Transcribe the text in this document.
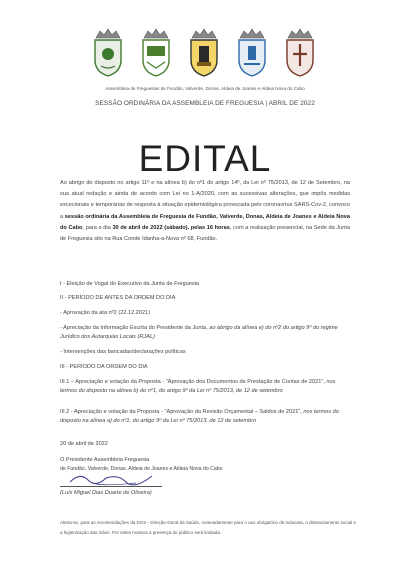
Assembleia de Freguesias de Fundão, Valverde, Donas, Aldeia de Joanes e Aldeia Nova do Cabo
SESSÃO ORDINÁRIA DA ASSEMBLEIA DE FREGUESIA | ABRIL DE 2022
EDITAL
Ao abrigo do disposto no artigo 11º e na alínea b) do nº1 do artigo 14º, da Lei nº 75/2013, de 12 de Setembro, na sua atual redação e ainda de acordo com Lei no 1-A/2020, com as sucessivas alterações, que impôs medidas excecionais e temporárias de resposta à situação epidemiológica provocada pelo coronavírus SARS-Cov-2, convoco a sessão ordinária da Assembleia de Freguesia de Fundão, Valverde, Donas, Aldeia de Joanes e Aldeia Nova do Cabo, para o dia 30 de abril de 2022 (sábado), pelas 16 horas, com a realização presencial, na Sede da Junta de Freguesia sito na Rua Conde Idanha-a-Nova nº 68, Fundão.
I - Eleição de Vogal do Executivo da Junta de Freguesia
II - PERÍODO DE ANTES DA ORDEM DO DIA
- Aprovação da ata nº2 (22.12.2021)
- Apreciação da Informação Escrita do Presidente da Junta, ao abrigo da alínea e) do nº2 do artigo 9º do regime Jurídico dos Autarquias Locais (RJAL)
- Intervenções das bancadas/declarações políticas
III - PERÍODO DA ORDEM DO DIA
III.1 – Apreciação e votação da Proposta - "Aprovação dos Documentos de Prestação de Contas de 2021", nos termos do disposto na alínea b) do nº1, do artigo 9º da Lei nº 75/2013, de 12 de setembro
III.2 - Apreciação e votação da Proposta - "Aprovação da Revisão Orçamental – Saldos de 2021", nos termos do disposto na alínea a) do nº1, do artigo 9º da Lei nº 75/2013, de 12 de setembro
20 de abril de 2022
O Presidente Assembleia Freguesia
de Fundão, Valverde, Donas, Aldeia de Joanes e Aldeia Nova do Cabo
(Luís Miguel Dias Duarte de Oliveira)
Alerta-se, para as recomendações da DGS - Direção-Geral da Saúde, nomeadamente para o uso obrigatório de máscara, o distanciamento social e a higienização das mãos. Por estes motivos a presença do público será limitada.
